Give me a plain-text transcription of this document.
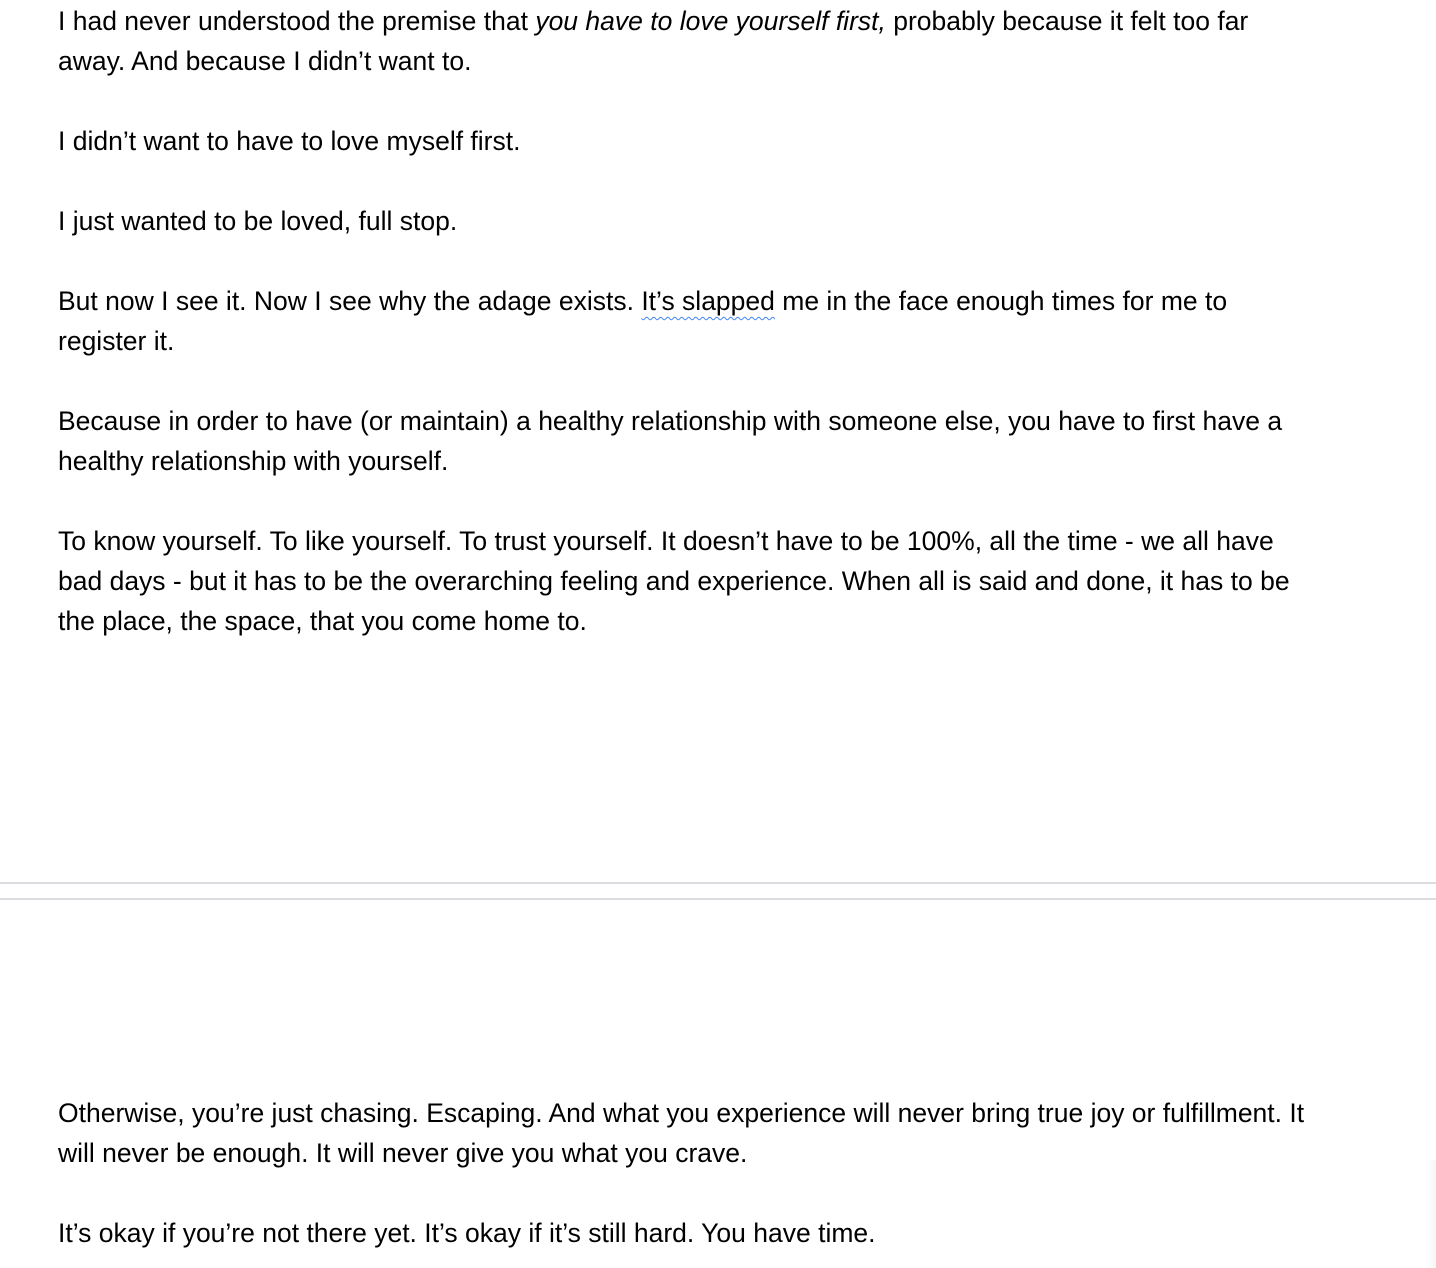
I had never understood the premise that you have to love yourself first, probably because it felt too far away. And because I didn’t want to.

I didn’t want to have to love myself first.

I just wanted to be loved, full stop.

But now I see it. Now I see why the adage exists. It’s slapped me in the face enough times for me to register it.

Because in order to have (or maintain) a healthy relationship with someone else, you have to first have a healthy relationship with yourself.

To know yourself. To like yourself. To trust yourself. It doesn’t have to be 100%, all the time - we all have bad days - but it has to be the overarching feeling and experience. When all is said and done, it has to be the place, the space, that you come home to.

Otherwise, you’re just chasing. Escaping. And what you experience will never bring true joy or fulfillment. It will never be enough. It will never give you what you crave.

It’s okay if you’re not there yet. It’s okay if it’s still hard. You have time.
